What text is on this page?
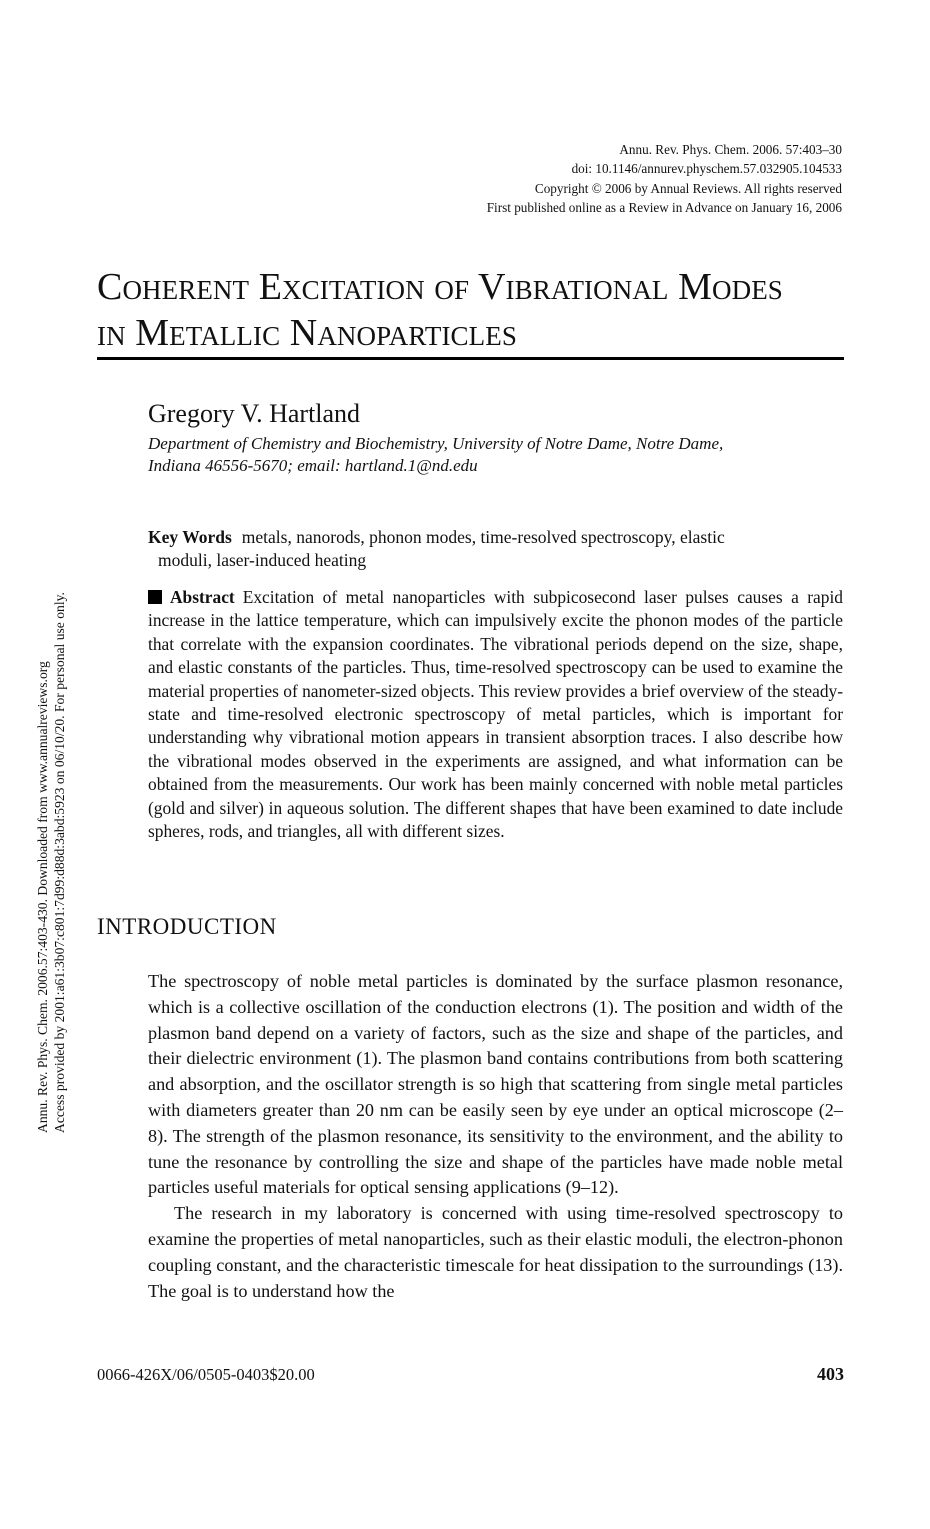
Annu. Rev. Phys. Chem. 2006. 57:403–30
doi: 10.1146/annurev.physchem.57.032905.104533
Copyright © 2006 by Annual Reviews. All rights reserved
First published online as a Review in Advance on January 16, 2006
Coherent Excitation of Vibrational Modes
in Metallic Nanoparticles
Gregory V. Hartland
Department of Chemistry and Biochemistry, University of Notre Dame, Notre Dame,
Indiana 46556-5670; email: hartland.1@nd.edu
Key Words metals, nanorods, phonon modes, time-resolved spectroscopy, elastic
moduli, laser-induced heating
Abstract Excitation of metal nanoparticles with subpicosecond laser pulses causes a rapid increase in the lattice temperature, which can impulsively excite the phonon modes of the particle that correlate with the expansion coordinates. The vibrational periods depend on the size, shape, and elastic constants of the particles. Thus, time-resolved spectroscopy can be used to examine the material properties of nanometer-sized objects. This review provides a brief overview of the steady-state and time-resolved electronic spectroscopy of metal particles, which is important for understanding why vibrational motion appears in transient absorption traces. I also describe how the vibrational modes observed in the experiments are assigned, and what information can be obtained from the measurements. Our work has been mainly concerned with noble metal particles (gold and silver) in aqueous solution. The different shapes that have been examined to date include spheres, rods, and triangles, all with different sizes.
INTRODUCTION

The spectroscopy of noble metal particles is dominated by the surface plasmon resonance, which is a collective oscillation of the conduction electrons (1). The position and width of the plasmon band depend on a variety of factors, such as the size and shape of the particles, and their dielectric environment (1). The plasmon band contains contributions from both scattering and absorption, and the oscillator strength is so high that scattering from single metal particles with diameters greater than 20 nm can be easily seen by eye under an optical microscope (2–8). The strength of the plasmon resonance, its sensitivity to the environment, and the ability to tune the resonance by controlling the size and shape of the particles have made noble metal particles useful materials for optical sensing applications (9–12).

The research in my laboratory is concerned with using time-resolved spectroscopy to examine the properties of metal nanoparticles, such as their elastic moduli, the electron-phonon coupling constant, and the characteristic timescale for heat dissipation to the surroundings (13). The goal is to understand how the

0066-426X/06/0505-0403$20.00	403
Annu. Rev. Phys. Chem. 2006.57:403-430. Downloaded from www.annualreviews.org Access provided by 2001:a61:3b07:c801:7d99:d88d:3abd:5923 on 06/10/20. For personal use only.
